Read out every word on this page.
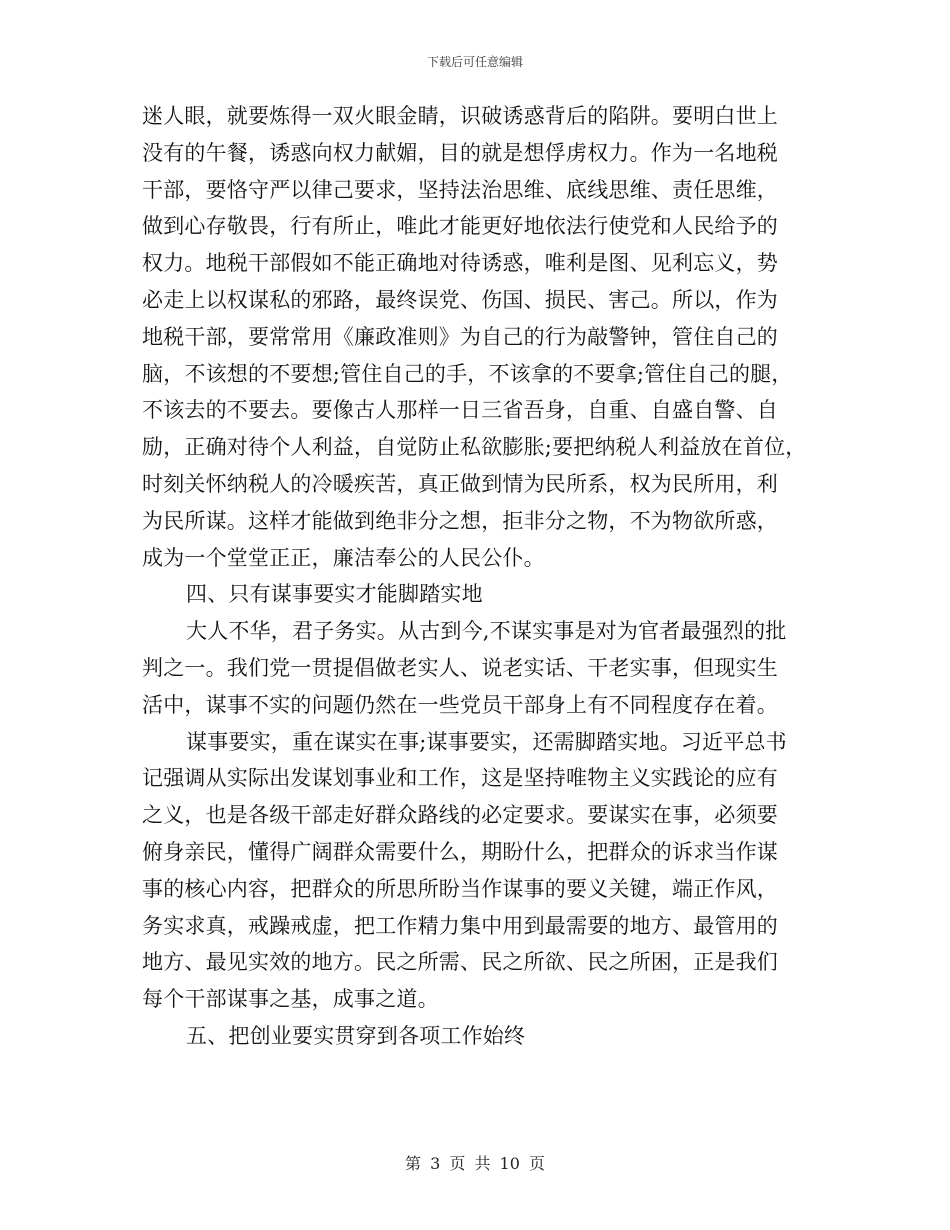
下载后可任意编辑
迷人眼，就要炼得一双火眼金睛，识破诱惑背后的陷阱。要明白世上
没有的午餐，诱惑向权力献媚，目的就是想俘虏权力。作为一名地税
干部，要恪守严以律己要求，坚持法治思维、底线思维、责任思维，
做到心存敬畏，行有所止，唯此才能更好地依法行使党和人民给予的
权力。地税干部假如不能正确地对待诱惑，唯利是图、见利忘义，势
必走上以权谋私的邪路，最终误党、伤国、损民、害己。所以，作为
地税干部，要常常用《廉政准则》为自己的行为敲警钟，管住自己的
脑，不该想的不要想;管住自己的手，不该拿的不要拿;管住自己的腿，
不该去的不要去。要像古人那样一日三省吾身，自重、自盛自警、自
励，正确对待个人利益，自觉防止私欲膨胀;要把纳税人利益放在首位，
时刻关怀纳税人的冷暖疾苦，真正做到情为民所系，权为民所用，利
为民所谋。这样才能做到绝非分之想，拒非分之物，不为物欲所惑，
成为一个堂堂正正，廉洁奉公的人民公仆。
四、只有谋事要实才能脚踏实地
大人不华，君子务实。从古到今,不谋实事是对为官者最强烈的批
判之一。我们党一贯提倡做老实人、说老实话、干老实事，但现实生
活中，谋事不实的问题仍然在一些党员干部身上有不同程度存在着。
谋事要实，重在谋实在事;谋事要实，还需脚踏实地。习近平总书
记强调从实际出发谋划事业和工作，这是坚持唯物主义实践论的应有
之义，也是各级干部走好群众路线的必定要求。要谋实在事，必须要
俯身亲民，懂得广阔群众需要什么，期盼什么，把群众的诉求当作谋
事的核心内容，把群众的所思所盼当作谋事的要义关键，端正作风，
务实求真，戒躁戒虚，把工作精力集中用到最需要的地方、最管用的
地方、最见实效的地方。民之所需、民之所欲、民之所困，正是我们
每个干部谋事之基，成事之道。
五、把创业要实贯穿到各项工作始终
第 3 页 共 10 页
